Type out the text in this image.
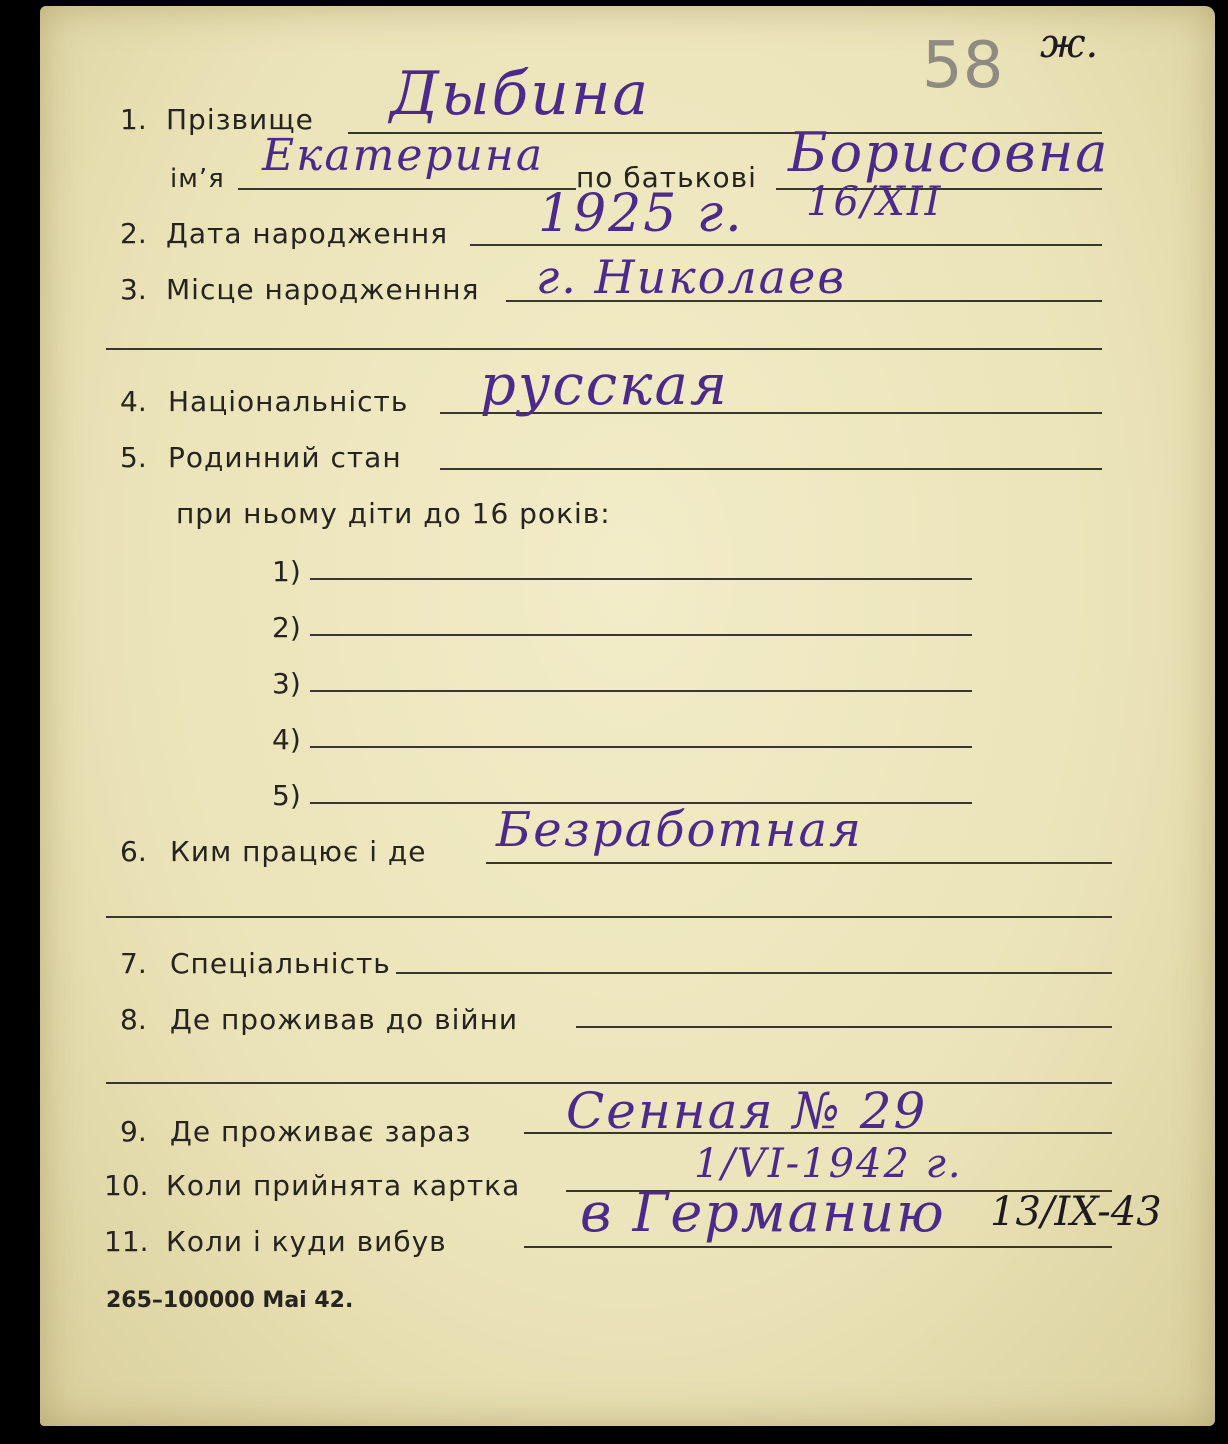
58 ж.
1. Прізвище Дыбина
ім’я Екатерина по батькові Борисовна
2. Дата народження 1925 г. 16/XII
3. Місце народженння г. Николаев
4. Національність русская
5. Родинний стан
при ньому діти до 16 років:
1)
2)
3)
4)
5)
6. Ким працює і де Безработная
7. Спеціальність
8. Де проживав до війни
9. Де проживає зараз Сенная № 29
10. Коли прийнята картка	1/VI-1942 г.
11. Коли і куди вибув в Германию 13/IX-43
265–100000 Mai 42.
